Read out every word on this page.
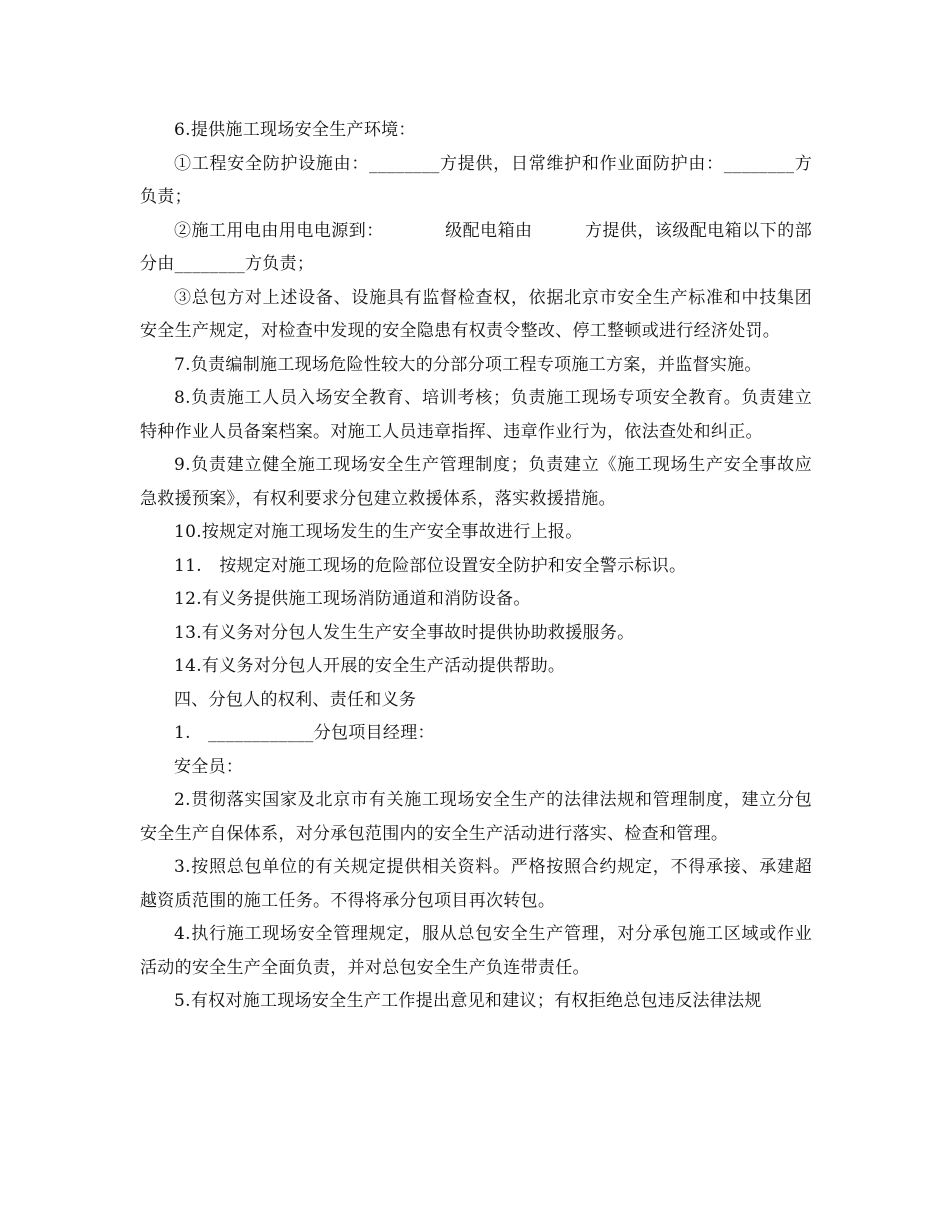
6.提供施工现场安全生产环境：

①工程安全防护设施由：________方提供，日常维护和作业面防护由：________方负责；

②施工用电由用电电源到：　　　　级配电箱由　　　方提供，该级配电箱以下的部分由________方负责；

③总包方对上述设备、设施具有监督检查权，依据北京市安全生产标准和中技集团安全生产规定，对检查中发现的安全隐患有权责令整改、停工整顿或进行经济处罚。

7.负责编制施工现场危险性较大的分部分项工程专项施工方案，并监督实施。

8.负责施工人员入场安全教育、培训考核；负责施工现场专项安全教育。负责建立特种作业人员备案档案。对施工人员违章指挥、违章作业行为，依法查处和纠正。

9.负责建立健全施工现场安全生产管理制度；负责建立《施工现场生产安全事故应急救援预案》，有权利要求分包建立救援体系，落实救援措施。

10.按规定对施工现场发生的生产安全事故进行上报。

11.　按规定对施工现场的危险部位设置安全防护和安全警示标识。

12.有义务提供施工现场消防通道和消防设备。

13.有义务对分包人发生生产安全事故时提供协助救援服务。

14.有义务对分包人开展的安全生产活动提供帮助。

四、分包人的权利、责任和义务

1.　____________分包项目经理：

安全员：

2.贯彻落实国家及北京市有关施工现场安全生产的法律法规和管理制度，建立分包安全生产自保体系，对分承包范围内的安全生产活动进行落实、检查和管理。

3.按照总包单位的有关规定提供相关资料。严格按照合约规定，不得承接、承建超越资质范围的施工任务。不得将承分包项目再次转包。

4.执行施工现场安全管理规定，服从总包安全生产管理，对分承包施工区域或作业活动的安全生产全面负责，并对总包安全生产负连带责任。

5.有权对施工现场安全生产工作提出意见和建议；有权拒绝总包违反法律法规
